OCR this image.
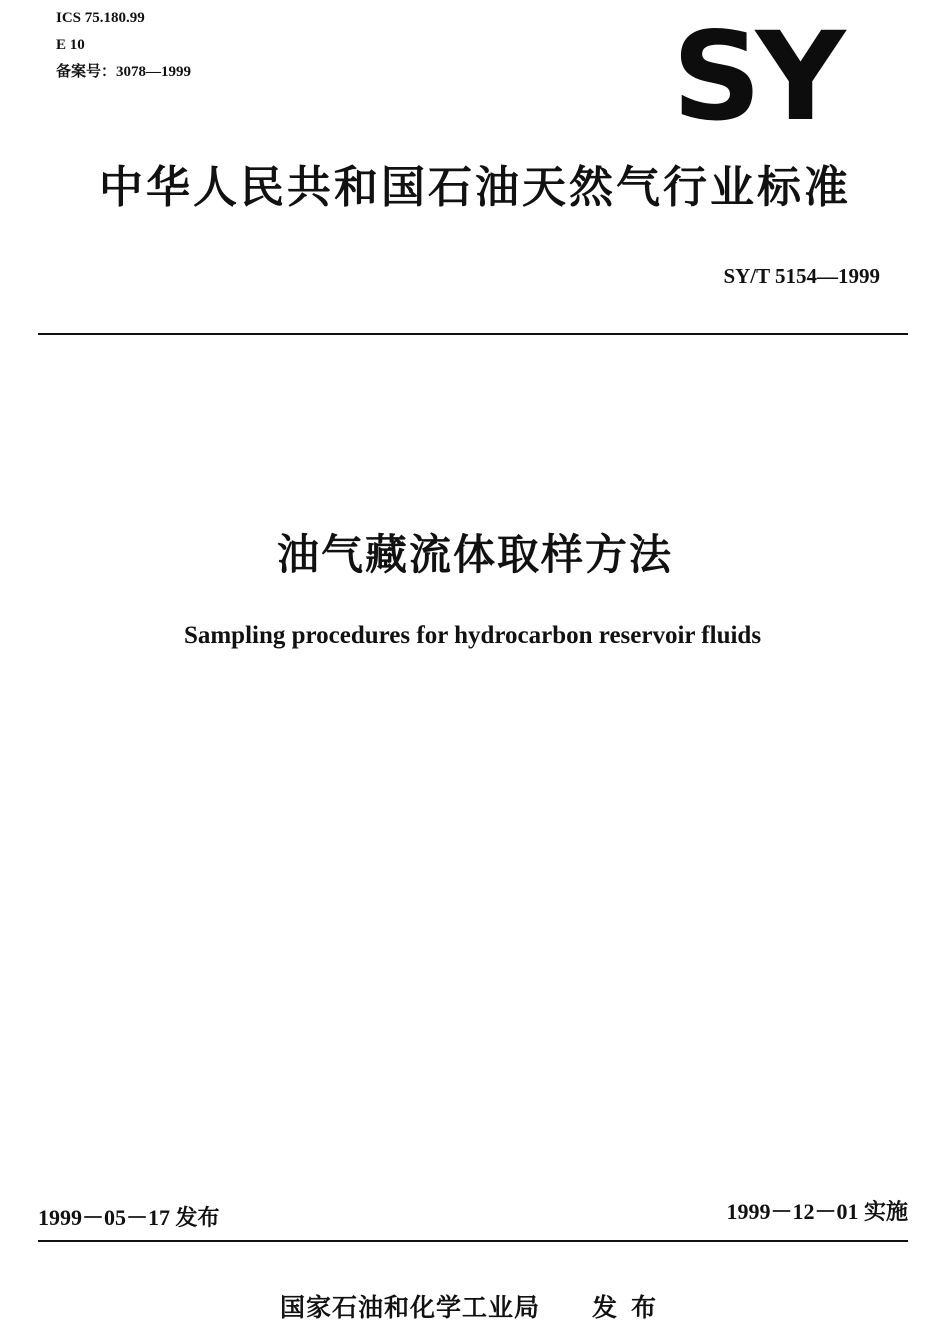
ICS 75.180.99
E 10
备案号：3078—1999	SY
中华人民共和国石油天然气行业标准
SY/T 5154—1999
油气藏流体取样方法
Sampling procedures for hydrocarbon reservoir fluids
1999－05－17 发布	1999－12－01 实施
国家石油和化学工业局 发布
